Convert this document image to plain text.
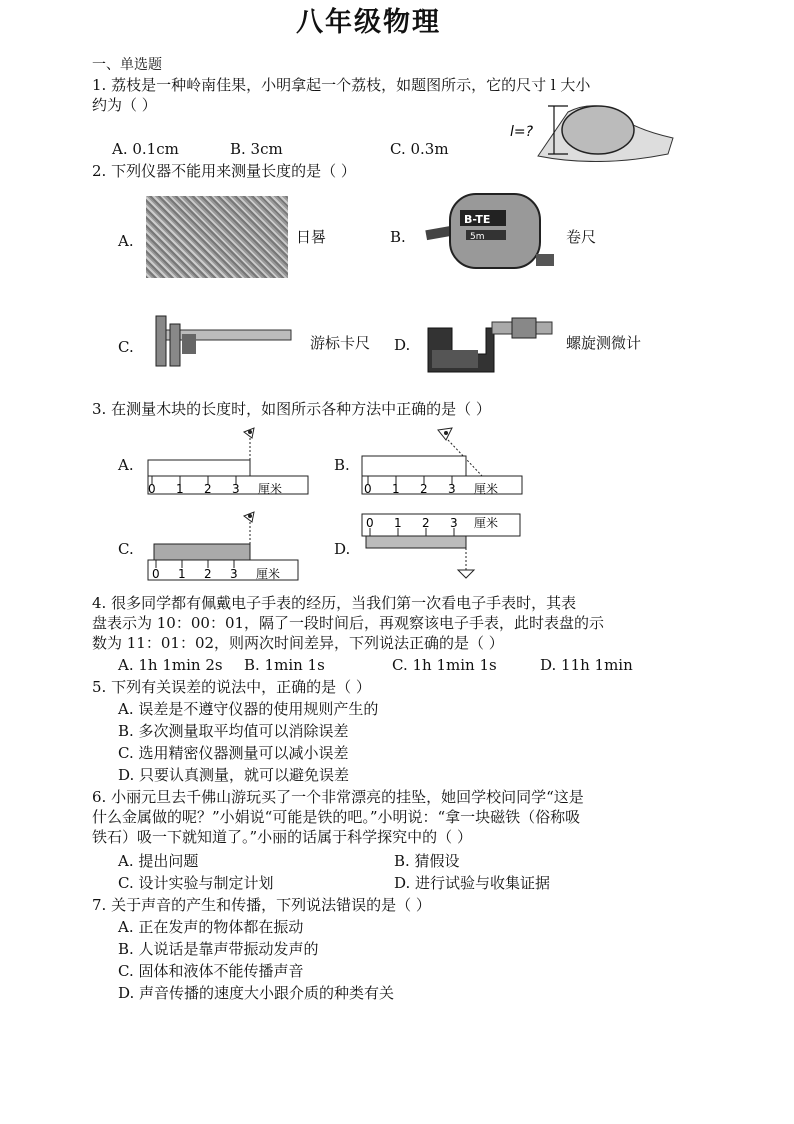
八年级物理
一、单选题
1. 荔枝是一种岭南佳果，小明拿起一个荔枝，如题图所示，它的尺寸 l 大小
约为（ ）
A. 0.1cm	B. 3cm	C. 0.3m
l=?
2. 下列仪器不能用来测量长度的是（ ）
A.	日晷	B.
B-TE
5m	卷尺
C.	游标卡尺 D.	螺旋测微计
3. 在测量木块的长度时，如图所示各种方法中正确的是（ ）
A.
0 1 2 3 厘米
B.
0 1 2 3 厘米
C.
0 1 2 3 厘米
D.
0 1 2 3 厘米
4. 很多同学都有佩戴电子手表的经历，当我们第一次看电子手表时，其表
盘表示为 10：00：01，隔了一段时间后，再观察该电子手表，此时表盘的示
数为 11：01：02，则两次时间差异，下列说法正确的是（ ）
A. 1h 1min 2s B. 1min 1s	C. 1h 1min 1s	D. 11h 1min
5. 下列有关误差的说法中，正确的是（ ）
A. 误差是不遵守仪器的使用规则产生的
B. 多次测量取平均值可以消除误差
C. 选用精密仪器测量可以减小误差
D. 只要认真测量，就可以避免误差
6. 小丽元旦去千佛山游玩买了一个非常漂亮的挂坠，她回学校问同学“这是
什么金属做的呢？”小娟说“可能是铁的吧。”小明说：“拿一块磁铁（俗称吸
铁石）吸一下就知道了。”小丽的话属于科学探究中的（ ）
A. 提出问题	B. 猜假设
C. 设计实验与制定计划	D. 进行试验与收集证据
7. 关于声音的产生和传播，下列说法错误的是（ ）
A. 正在发声的物体都在振动
B. 人说话是靠声带振动发声的
C. 固体和液体不能传播声音
D. 声音传播的速度大小跟介质的种类有关
